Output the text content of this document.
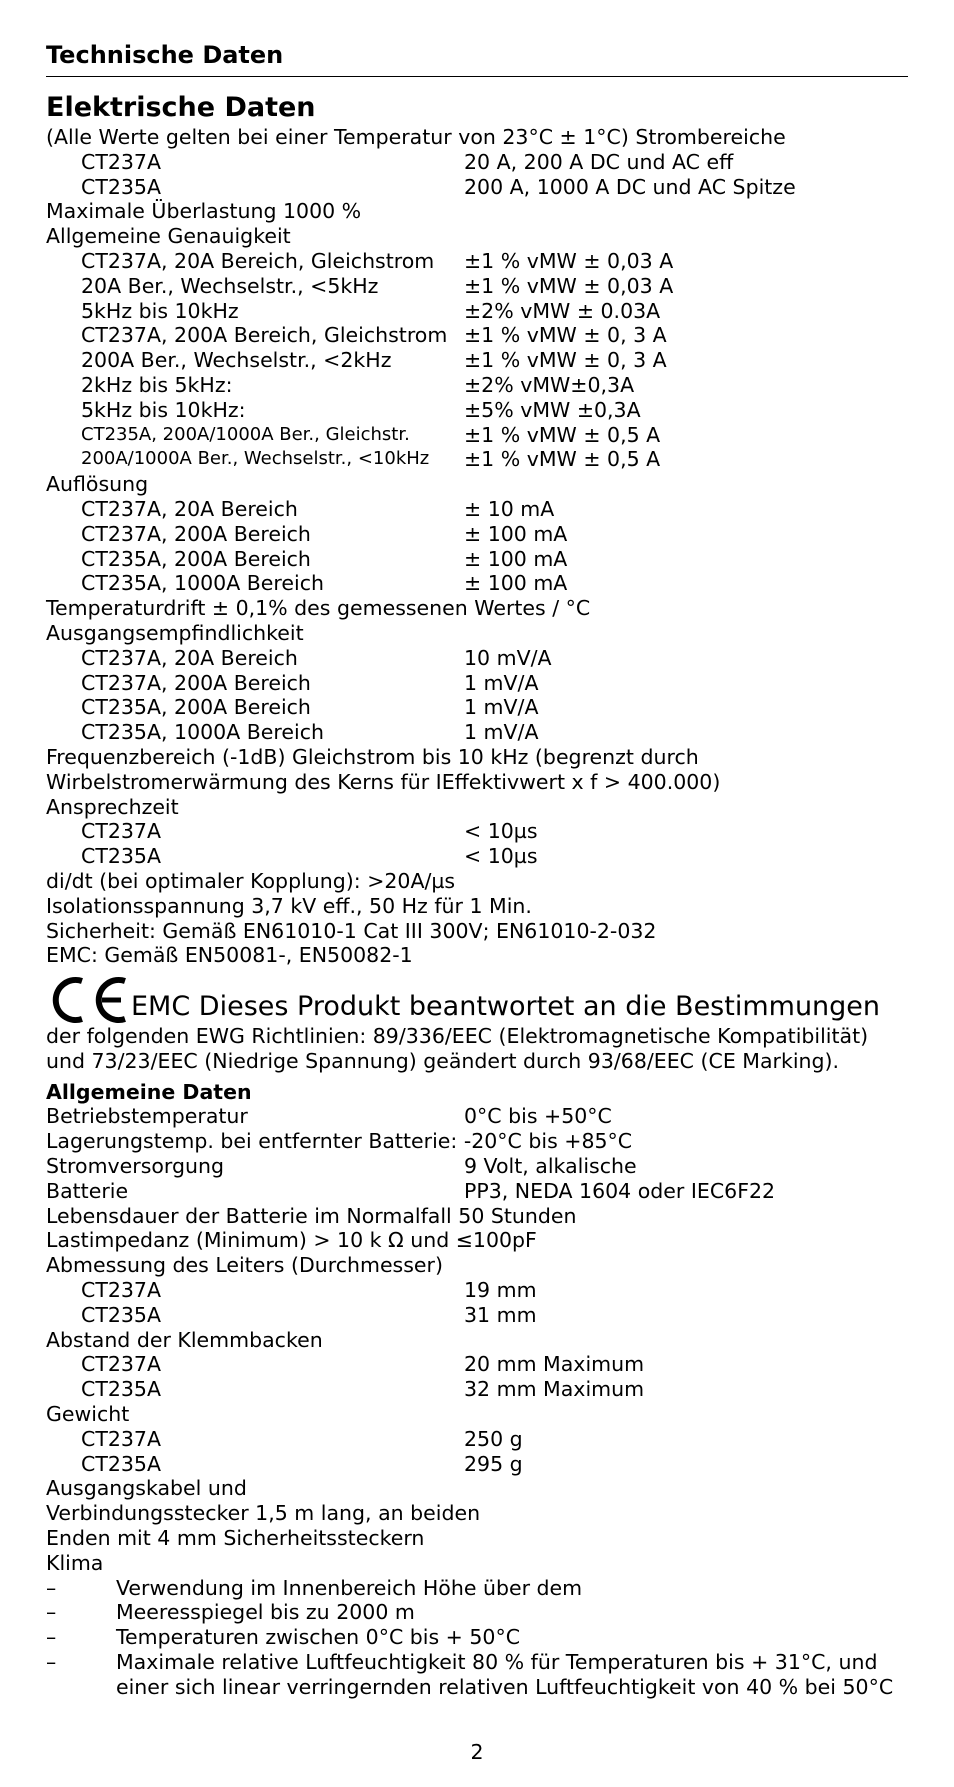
Technische Daten
Elektrische Daten
(Alle Werte gelten bei einer Temperatur von 23°C ± 1°C) Strombereiche
CT237A	20 A, 200 A DC und AC eff
CT235A	200 A, 1000 A DC und AC Spitze
Maximale Überlastung 1000 %
Allgemeine Genauigkeit
CT237A, 20A Bereich, Gleichstrom	±1 % vMW ± 0,03 A
20A Ber., Wechselstr., <5kHz	±1 % vMW ± 0,03 A
5kHz bis 10kHz	±2% vMW ± 0.03A
CT237A, 200A Bereich, Gleichstrom ±1 % vMW ± 0, 3 A
200A Ber., Wechselstr., <2kHz	±1 % vMW ± 0, 3 A
2kHz bis 5kHz:	±2% vMW±0,3A
5kHz bis 10kHz:	±5% vMW ±0,3A
CT235A, 200A/1000A Ber., Gleichstr.	±1 % vMW ± 0,5 A
200A/1000A Ber., Wechselstr., <10kHz	±1 % vMW ± 0,5 A
Auflösung
CT237A, 20A Bereich	± 10 mA
CT237A, 200A Bereich	± 100 mA
CT235A, 200A Bereich	± 100 mA
CT235A, 1000A Bereich	± 100 mA
Temperaturdrift ± 0,1% des gemessenen Wertes / °C
Ausgangsempfindlichkeit
CT237A, 20A Bereich	10 mV/A
CT237A, 200A Bereich	1 mV/A
CT235A, 200A Bereich	1 mV/A
CT235A, 1000A Bereich	1 mV/A
Frequenzbereich (-1dB) Gleichstrom bis 10 kHz (begrenzt durch
Wirbelstromerwärmung des Kerns für IEffektivwert x f > 400.000)
Ansprechzeit
CT237A	< 10µs
CT235A	< 10µs
di/dt (bei optimaler Kopplung): >20A/µs
Isolationsspannung 3,7 kV eff., 50 Hz für 1 Min.
Sicherheit: Gemäß EN61010-1 Cat III 300V; EN61010-2-032
EMC: Gemäß EN50081-, EN50082-1
EMC Dieses Produkt beantwortet an die Bestimmungen
der folgenden EWG Richtlinien: 89/336/EEC (Elektromagnetische Kompatibilität)
und 73/23/EEC (Niedrige Spannung) geändert durch 93/68/EEC (CE Marking).
Allgemeine Daten
Betriebstemperatur	0°C bis +50°C
Lagerungstemp. bei entfernter Batterie: -20°C bis +85°C
Stromversorgung	9 Volt, alkalische
Batterie	PP3, NEDA 1604 oder IEC6F22
Lebensdauer der Batterie im Normalfall 50 Stunden
Lastimpedanz (Minimum) > 10 k Ω und ≤100pF
Abmessung des Leiters (Durchmesser)
CT237A	19 mm
CT235A	31 mm
Abstand der Klemmbacken
CT237A	20 mm Maximum
CT235A	32 mm Maximum
Gewicht
CT237A	250 g
CT235A	295 g
Ausgangskabel und
Verbindungsstecker 1,5 m lang, an beiden
Enden mit 4 mm Sicherheitssteckern
Klima
–	Verwendung im Innenbereich Höhe über dem
–	Meeresspiegel bis zu 2000 m
–	Temperaturen zwischen 0°C bis + 50°C
–	Maximale relative Luftfeuchtigkeit 80 % für Temperaturen bis + 31°C, und einer sich linear verringernden relativen Luftfeuchtigkeit von 40 % bei 50°C
2
